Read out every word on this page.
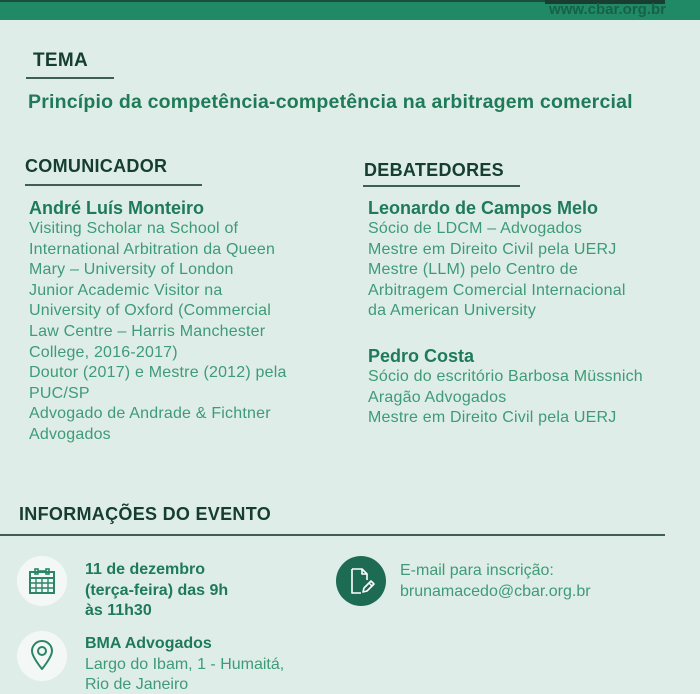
www.cbar.org.br
TEMA
Princípio da competência-competência na arbitragem comercial
COMUNICADOR
André Luís Monteiro
Visiting Scholar na School of
International Arbitration da Queen
Mary – University of London
Junior Academic Visitor na
University of Oxford (Commercial
Law Centre – Harris Manchester
College, 2016-2017)
Doutor (2017) e Mestre (2012) pela
PUC/SP
Advogado de Andrade & Fichtner
Advogados
DEBATEDORES
Leonardo de Campos Melo
Sócio de LDCM – Advogados
Mestre em Direito Civil pela UERJ
Mestre (LLM) pelo Centro de
Arbitragem Comercial Internacional
da American University
Pedro Costa
Sócio do escritório Barbosa Müssnich
Aragão Advogados
Mestre em Direito Civil pela UERJ
INFORMAÇÕES DO EVENTO
11 de dezembro
(terça-feira) das 9h
às 11h30
BMA Advogados
Largo do Ibam, 1 - Humaitá,
Rio de Janeiro
E-mail para inscrição:
brunamacedo@cbar.org.br
